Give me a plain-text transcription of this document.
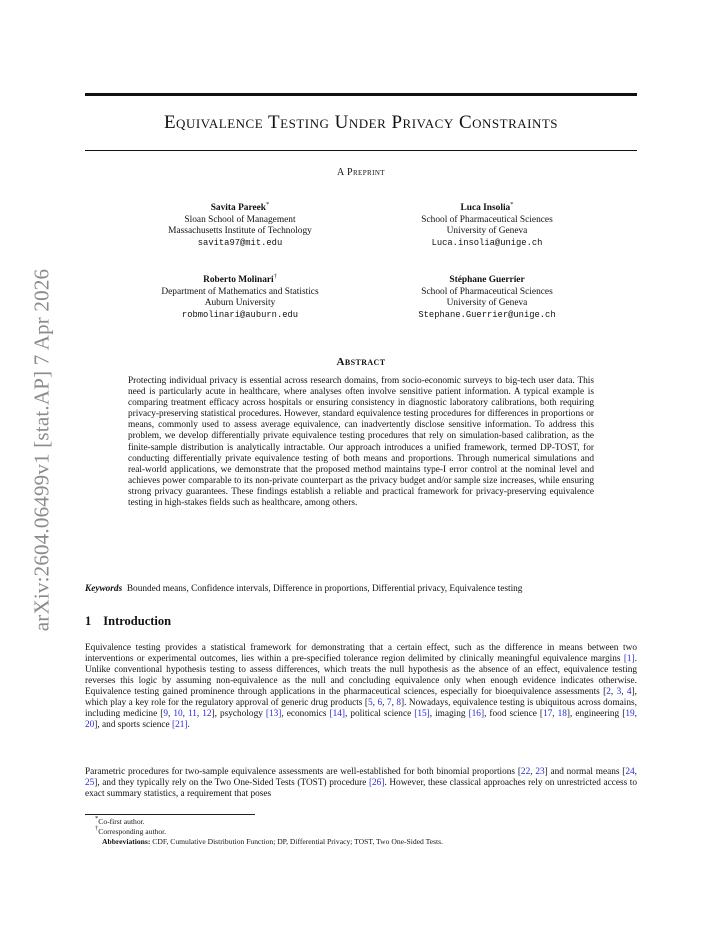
arXiv:2604.06499v1 [stat.AP] 7 Apr 2026
Equivalence Testing Under Privacy Constraints
A Preprint
Savita Pareek*
Sloan School of Management
Massachusetts Institute of Technology
savita97@mit.edu
Luca Insolia*
School of Pharmaceutical Sciences
University of Geneva
Luca.insolia@unige.ch
Roberto Molinari†
Department of Mathematics and Statistics
Auburn University
robmolinari@auburn.edu
Stéphane Guerrier
School of Pharmaceutical Sciences
University of Geneva
Stephane.Guerrier@unige.ch
Abstract

Protecting individual privacy is essential across research domains, from socio-economic surveys to big-tech user data. This need is particularly acute in healthcare, where analyses often involve sensitive patient information. A typical example is comparing treatment efficacy across hospitals or ensuring consistency in diagnostic laboratory calibrations, both requiring privacy-preserving statistical procedures. However, standard equivalence testing procedures for differences in proportions or means, commonly used to assess average equivalence, can inadvertently disclose sensitive information. To address this problem, we develop differentially private equivalence testing procedures that rely on simulation-based calibration, as the finite-sample distribution is analytically intractable. Our approach introduces a unified framework, termed DP-TOST, for conducting differentially private equivalence testing of both means and proportions. Through numerical simulations and real-world applications, we demonstrate that the proposed method maintains type-I error control at the nominal level and achieves power comparable to its non-private counterpart as the privacy budget and/or sample size increases, while ensuring strong privacy guarantees. These findings establish a reliable and practical framework for privacy-preserving equivalence testing in high-stakes fields such as healthcare, among others.

Keywords Bounded means, Confidence intervals, Difference in proportions, Differential privacy, Equivalence testing
1 Introduction

Equivalence testing provides a statistical framework for demonstrating that a certain effect, such as the difference in means between two interventions or experimental outcomes, lies within a pre-specified tolerance region delimited by clinically meaningful equivalence margins [1]. Unlike conventional hypothesis testing to assess differences, which treats the null hypothesis as the absence of an effect, equivalence testing reverses this logic by assuming non-equivalence as the null and concluding equivalence only when enough evidence indicates otherwise. Equivalence testing gained prominence through applications in the pharmaceutical sciences, especially for bioequivalence assessments [2, 3, 4], which play a key role for the regulatory approval of generic drug products [5, 6, 7, 8]. Nowadays, equivalence testing is ubiquitous across domains, including medicine [9, 10, 11, 12], psychology [13], economics [14], political science [15], imaging [16], food science [17, 18], engineering [19, 20], and sports science [21].

Parametric procedures for two-sample equivalence assessments are well-established for both binomial proportions [22, 23] and normal means [24, 25], and they typically rely on the Two One-Sided Tests (TOST) procedure [26]. However, these classical approaches rely on unrestricted access to exact summary statistics, a requirement that poses

*Co-first author.
†Corresponding author.
Abbreviations: CDF, Cumulative Distribution Function; DP, Differential Privacy; TOST, Two One-Sided Tests.
